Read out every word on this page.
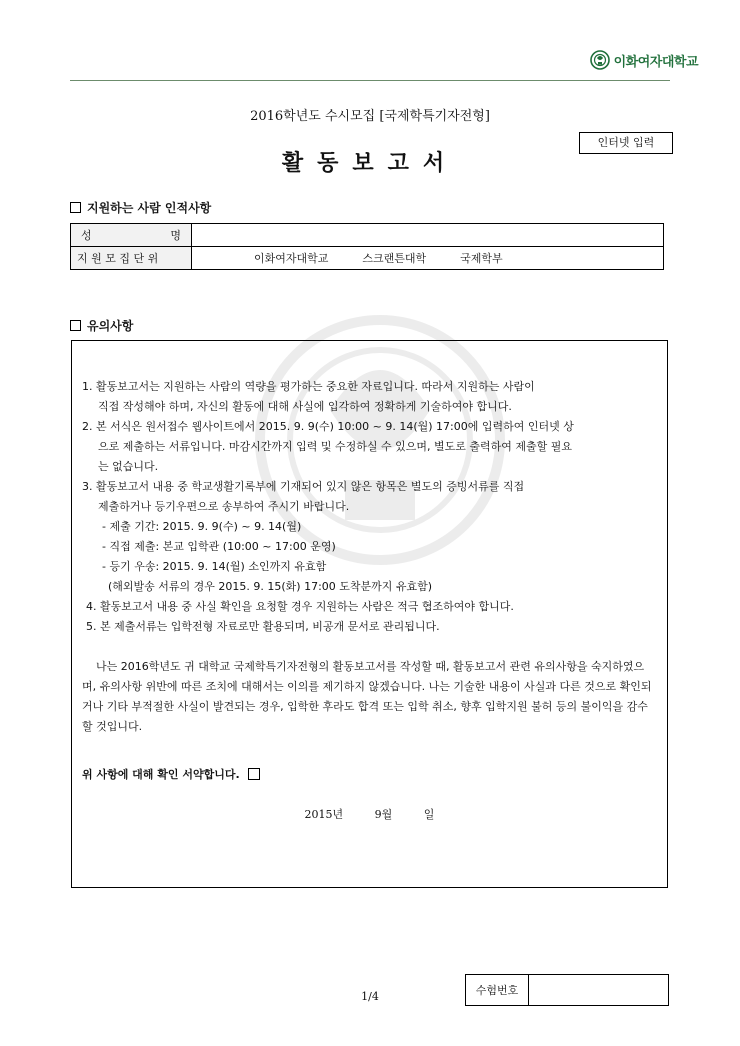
이화여자대학교
2016학년도 수시모집 [국제학특기자전형]
인터넷 입력
활동보고서
지원하는 사람 인적사항
성 명	

지 원 모 집 단 위	이화여자대학교 스크랜튼대학 국제학부
유의사항

1. 활동보고서는 지원하는 사람의 역량을 평가하는 중요한 자료입니다. 따라서 지원하는 사람이

직접 작성해야 하며, 자신의 활동에 대해 사실에 입각하여 정확하게 기술하여야 합니다.

2. 본 서식은 원서접수 웹사이트에서 2015. 9. 9(수) 10:00 ~ 9. 14(월) 17:00에 입력하여 인터넷 상

으로 제출하는 서류입니다. 마감시간까지 입력 및 수정하실 수 있으며, 별도로 출력하여 제출할 필요

는 없습니다.

3. 활동보고서 내용 중 학교생활기록부에 기재되어 있지 않은 항목은 별도의 증빙서류를 직접

제출하거나 등기우편으로 송부하여 주시기 바랍니다.

- 제출 기간: 2015. 9. 9(수) ~ 9. 14(월)

- 직접 제출: 본교 입학관 (10:00 ~ 17:00 운영)

- 등기 우송: 2015. 9. 14(월) 소인까지 유효함

(해외발송 서류의 경우 2015. 9. 15(화) 17:00 도착분까지 유효함)

4. 활동보고서 내용 중 사실 확인을 요청할 경우 지원하는 사람은 적극 협조하여야 합니다.

5. 본 제출서류는 입학전형 자료로만 활용되며, 비공개 문서로 관리됩니다.

나는 2016학년도 귀 대학교 국제학특기자전형의 활동보고서를 작성할 때, 활동보고서 관련 유의사항을 숙지하였으며, 유의사항 위반에 따른 조치에 대해서는 이의를 제기하지 않겠습니다. 나는 기술한 내용이 사실과 다른 것으로 확인되거나 기타 부적절한 사실이 발견되는 경우, 입학한 후라도 합격 또는 입학 취소, 향후 입학지원 불허 등의 불이익을 감수할 것입니다.
위 사항에 대해 확인 서약합니다.
2015년	9월	일
수험번호
1/4
